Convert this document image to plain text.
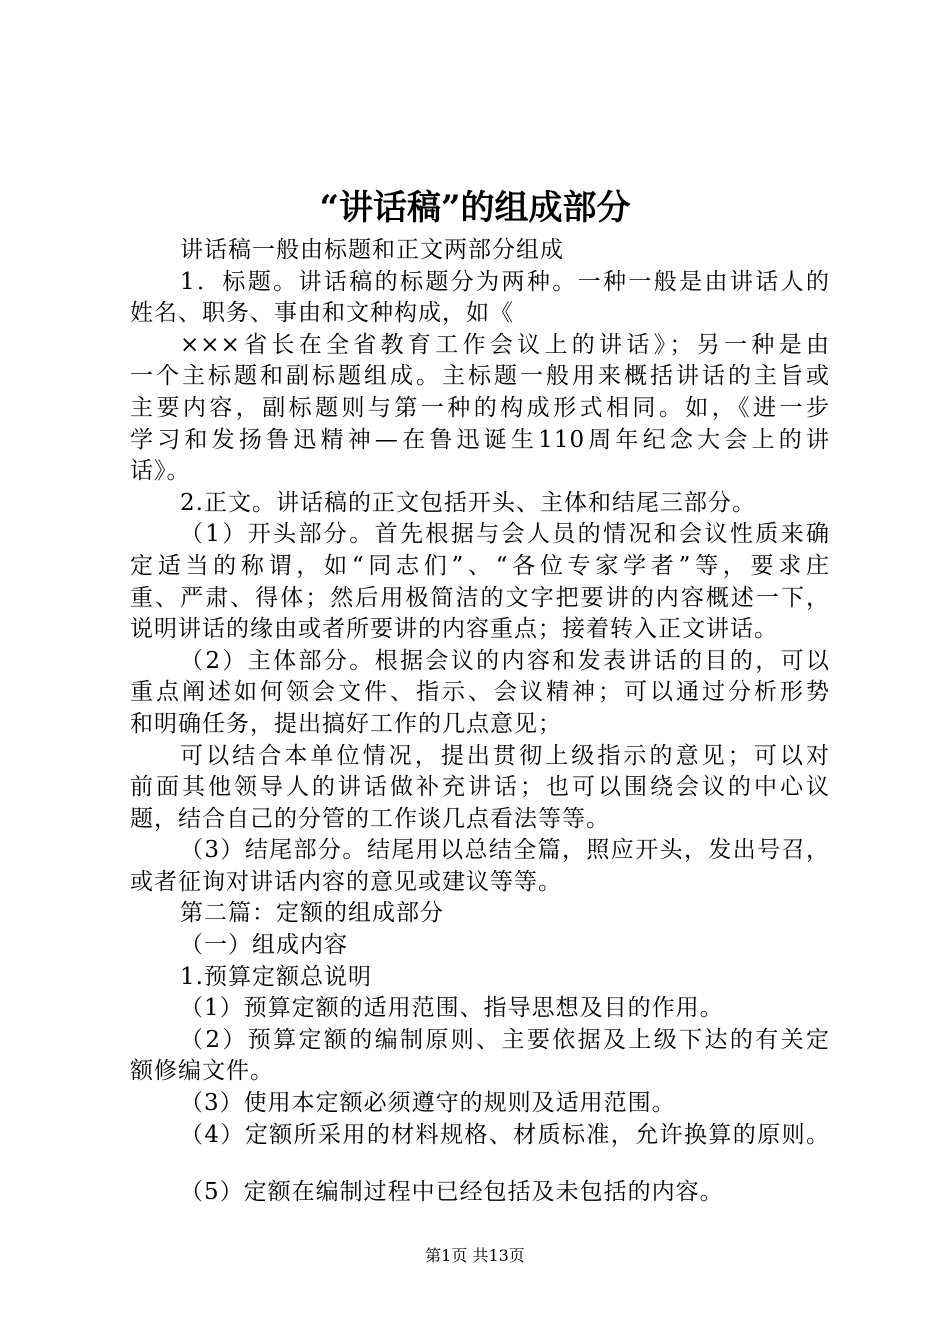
“讲话稿”的组成部分
讲话稿一般由标题和正文两部分组成
1．标题。讲话稿的标题分为两种。一种一般是由讲话人的
姓名、职务、事由和文种构成，如《
×××省长在全省教育工作会议上的讲话》；另一种是由
一个主标题和副标题组成。主标题一般用来概括讲话的主旨或
主要内容，副标题则与第一种的构成形式相同。如，《进一步
学习和发扬鲁迅精神—在鲁迅诞生110周年纪念大会上的讲
话》。
2.正文。讲话稿的正文包括开头、主体和结尾三部分。
（1）开头部分。首先根据与会人员的情况和会议性质来确
定适当的称谓，如“同志们”、“各位专家学者”等，要求庄
重、严肃、得体；然后用极简洁的文字把要讲的内容概述一下，
说明讲话的缘由或者所要讲的内容重点；接着转入正文讲话。
（2）主体部分。根据会议的内容和发表讲话的目的，可以
重点阐述如何领会文件、指示、会议精神；可以通过分析形势
和明确任务，提出搞好工作的几点意见；
可以结合本单位情况，提出贯彻上级指示的意见；可以对
前面其他领导人的讲话做补充讲话；也可以围绕会议的中心议
题，结合自己的分管的工作谈几点看法等等。
（3）结尾部分。结尾用以总结全篇，照应开头，发出号召，
或者征询对讲话内容的意见或建议等等。
第二篇：定额的组成部分
（一）组成内容
1.预算定额总说明
（1）预算定额的适用范围、指导思想及目的作用。
（2）预算定额的编制原则、主要依据及上级下达的有关定
额修编文件。
（3）使用本定额必须遵守的规则及适用范围。
（4）定额所采用的材料规格、材质标准，允许换算的原则。
（5）定额在编制过程中已经包括及未包括的内容。
第1页 共13页
